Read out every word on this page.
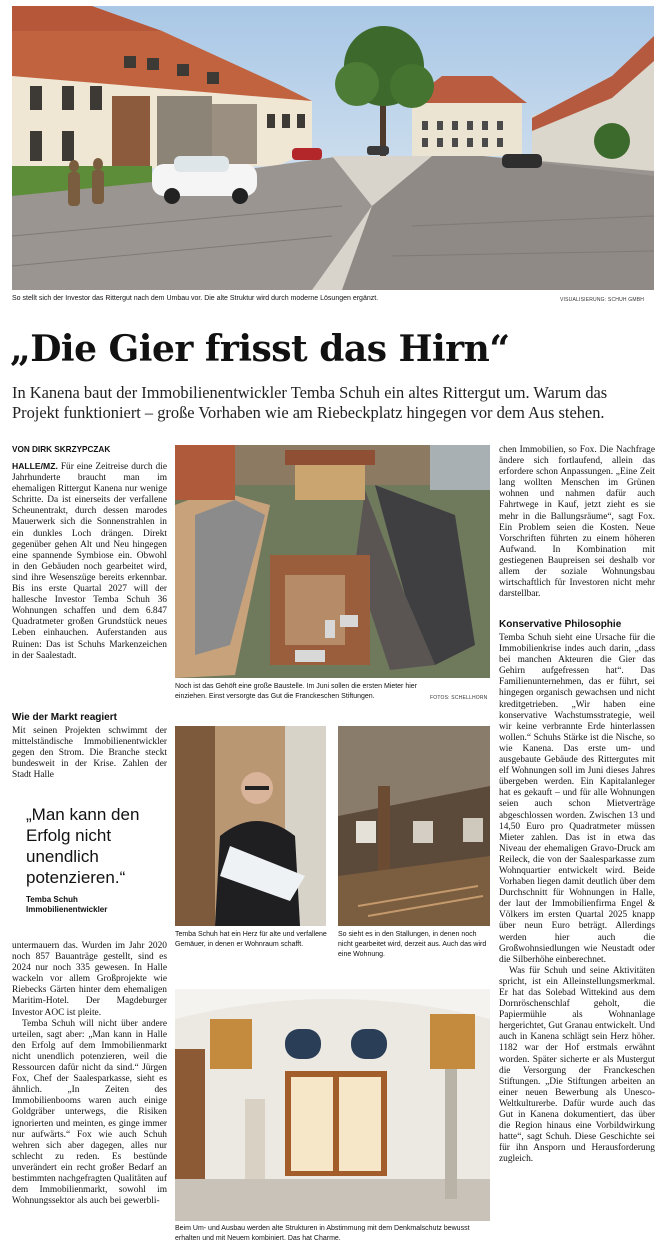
So stellt sich der Investor das Rittergut nach dem Umbau vor. Die alte Struktur wird durch moderne Lösungen ergänzt.	VISUALISIERUNG: SCHUH GMBH
„Die Gier frisst das Hirn“
In Kanena baut der Immobilienentwickler Temba Schuh ein altes Rittergut um. Warum das Projekt funktioniert – große Vorhaben wie am Riebeckplatz hingegen vor dem Aus stehen.
VON DIRK SKRZYPCZAK

HALLE/MZ. Für eine Zeitreise durch die Jahrhunderte braucht man im ehemaligen Rittergut Kanena nur wenige Schritte. Da ist einerseits der verfallene Scheunentrakt, durch dessen marodes Mauerwerk sich die Sonnenstrahlen in ein dunkles Loch drängen. Direkt gegenüber gehen Alt und Neu hingegen eine spannende Symbiose ein. Obwohl in den Gebäuden noch gearbeitet wird, sind ihre Wesenszüge bereits erkennbar. Bis ins erste Quartal 2027 will der hallesche Investor Temba Schuh 36 Wohnungen schaffen und dem 6.847 Quadratmeter großen Grundstück neues Leben einhauchen. Auferstanden aus Ruinen: Das ist Schuhs Markenzeichen in der Saalestadt.

Wie der Markt reagiert
Mit seinen Projekten schwimmt der mittelständische Immobilienentwickler gegen den Strom. Die Branche steckt bundesweit in der Krise. Zahlen der Stadt Halle
„Man kann den Erfolg nicht unendlich potenzieren.“
Temba Schuh
Immobilienentwickler

untermauern das. Wurden im Jahr 2020 noch 857 Bauanträge gestellt, sind es 2024 nur noch 335 gewesen. In Halle wackeln vor allem Großprojekte wie Riebecks Gärten hinter dem ehemaligen Maritim-Hotel. Der Magdeburger Investor AOC ist pleite.

Temba Schuh will nicht über andere urteilen, sagt aber: „Man kann in Halle den Erfolg auf dem Immobilienmarkt nicht unendlich potenzieren, weil die Ressourcen dafür nicht da sind.“ Jürgen Fox, Chef der Saalesparkasse, sieht es ähnlich. „In Zeiten des Immobilienbooms waren auch einige Goldgräber unterwegs, die Risiken ignorierten und meinten, es ginge immer nur aufwärts.“ Fox wie auch Schuh wehren sich aber dagegen, alles nur schlecht zu reden. Es bestünde unverändert ein recht großer Bedarf an bestimmten nachgefragten Qualitäten auf dem Immobilienmarkt, sowohl im Wohnungssektor als auch bei gewerbli-

Noch ist das Gehöft eine große Baustelle. Im Juni sollen die ersten Mieter hier einziehen. Einst versorgte das Gut die Franckeschen Stiftungen.	FOTOS: SCHELLHORN
Temba Schuh hat ein Herz für alte und verfallene Gemäuer, in denen er Wohnraum schafft.
So sieht es in den Stallungen, in denen noch nicht gearbeitet wird, derzeit aus. Auch das wird eine Wohnung.
Beim Um- und Ausbau werden alte Strukturen in Abstimmung mit dem Denkmalschutz bewusst erhalten und mit Neuem kombiniert. Das hat Charme.
chen Immobilien, so Fox. Die Nachfrage ändere sich fortlaufend, allein das erfordere schon Anpassungen. „Eine Zeit lang wollten Menschen im Grünen wohnen und nahmen dafür auch Fahrtwege in Kauf, jetzt zieht es sie mehr in die Ballungsräume“, sagt Fox. Ein Problem seien die Kosten. Neue Vorschriften führten zu einem höheren Aufwand. In Kombination mit gestiegenen Baupreisen sei deshalb vor allem der soziale Wohnungsbau wirtschaftlich für Investoren nicht mehr darstellbar.
Konservative Philosophie

Temba Schuh sieht eine Ursache für die Immobilienkrise indes auch darin, „dass bei manchen Akteuren die Gier das Gehirn aufgefressen hat“. Das Familienunternehmen, das er führt, sei hingegen organisch gewachsen und nicht kreditgetrieben. „Wir haben eine konservative Wachstumsstrategie, weil wir keine verbrannte Erde hinterlassen wollen.“ Schuhs Stärke ist die Nische, so wie Kanena. Das erste um- und ausgebaute Gebäude des Rittergutes mit elf Wohnungen soll im Juni dieses Jahres übergeben werden. Ein Kapitalanleger hat es gekauft – und für alle Wohnungen seien auch schon Mietverträge abgeschlossen worden. Zwischen 13 und 14,50 Euro pro Quadratmeter müssen Mieter zahlen. Das ist in etwa das Niveau der ehemaligen Gravo-Druck am Reileck, die von der Saalesparkasse zum Wohnquartier entwickelt wird. Beide Vorhaben liegen damit deutlich über dem Durchschnitt für Wohnungen in Halle, der laut der Immobilienfirma Engel & Völkers im ersten Quartal 2025 knapp über neun Euro beträgt. Allerdings werden hier auch die Großwohnsiedlungen wie Neustadt oder die Silberhöhe einberechnet.

Was für Schuh und seine Aktivitäten spricht, ist ein Alleinstellungsmerkmal. Er hat das Solebad Wittekind aus dem Dornröschenschlaf geholt, die Papiermühle als Wohnanlage hergerichtet, Gut Granau entwickelt. Und auch in Kanena schlägt sein Herz höher. 1182 war der Hof erstmals erwähnt worden. Später sicherte er als Mustergut die Versorgung der Franckeschen Stiftungen. „Die Stiftungen arbeiten an einer neuen Bewerbung als Unesco-Weltkulturerbe. Dafür wurde auch das Gut in Kanena dokumentiert, das über die Region hinaus eine Vorbildwirkung hatte“, sagt Schuh. Diese Geschichte sei für ihn Ansporn und Herausforderung zugleich.
